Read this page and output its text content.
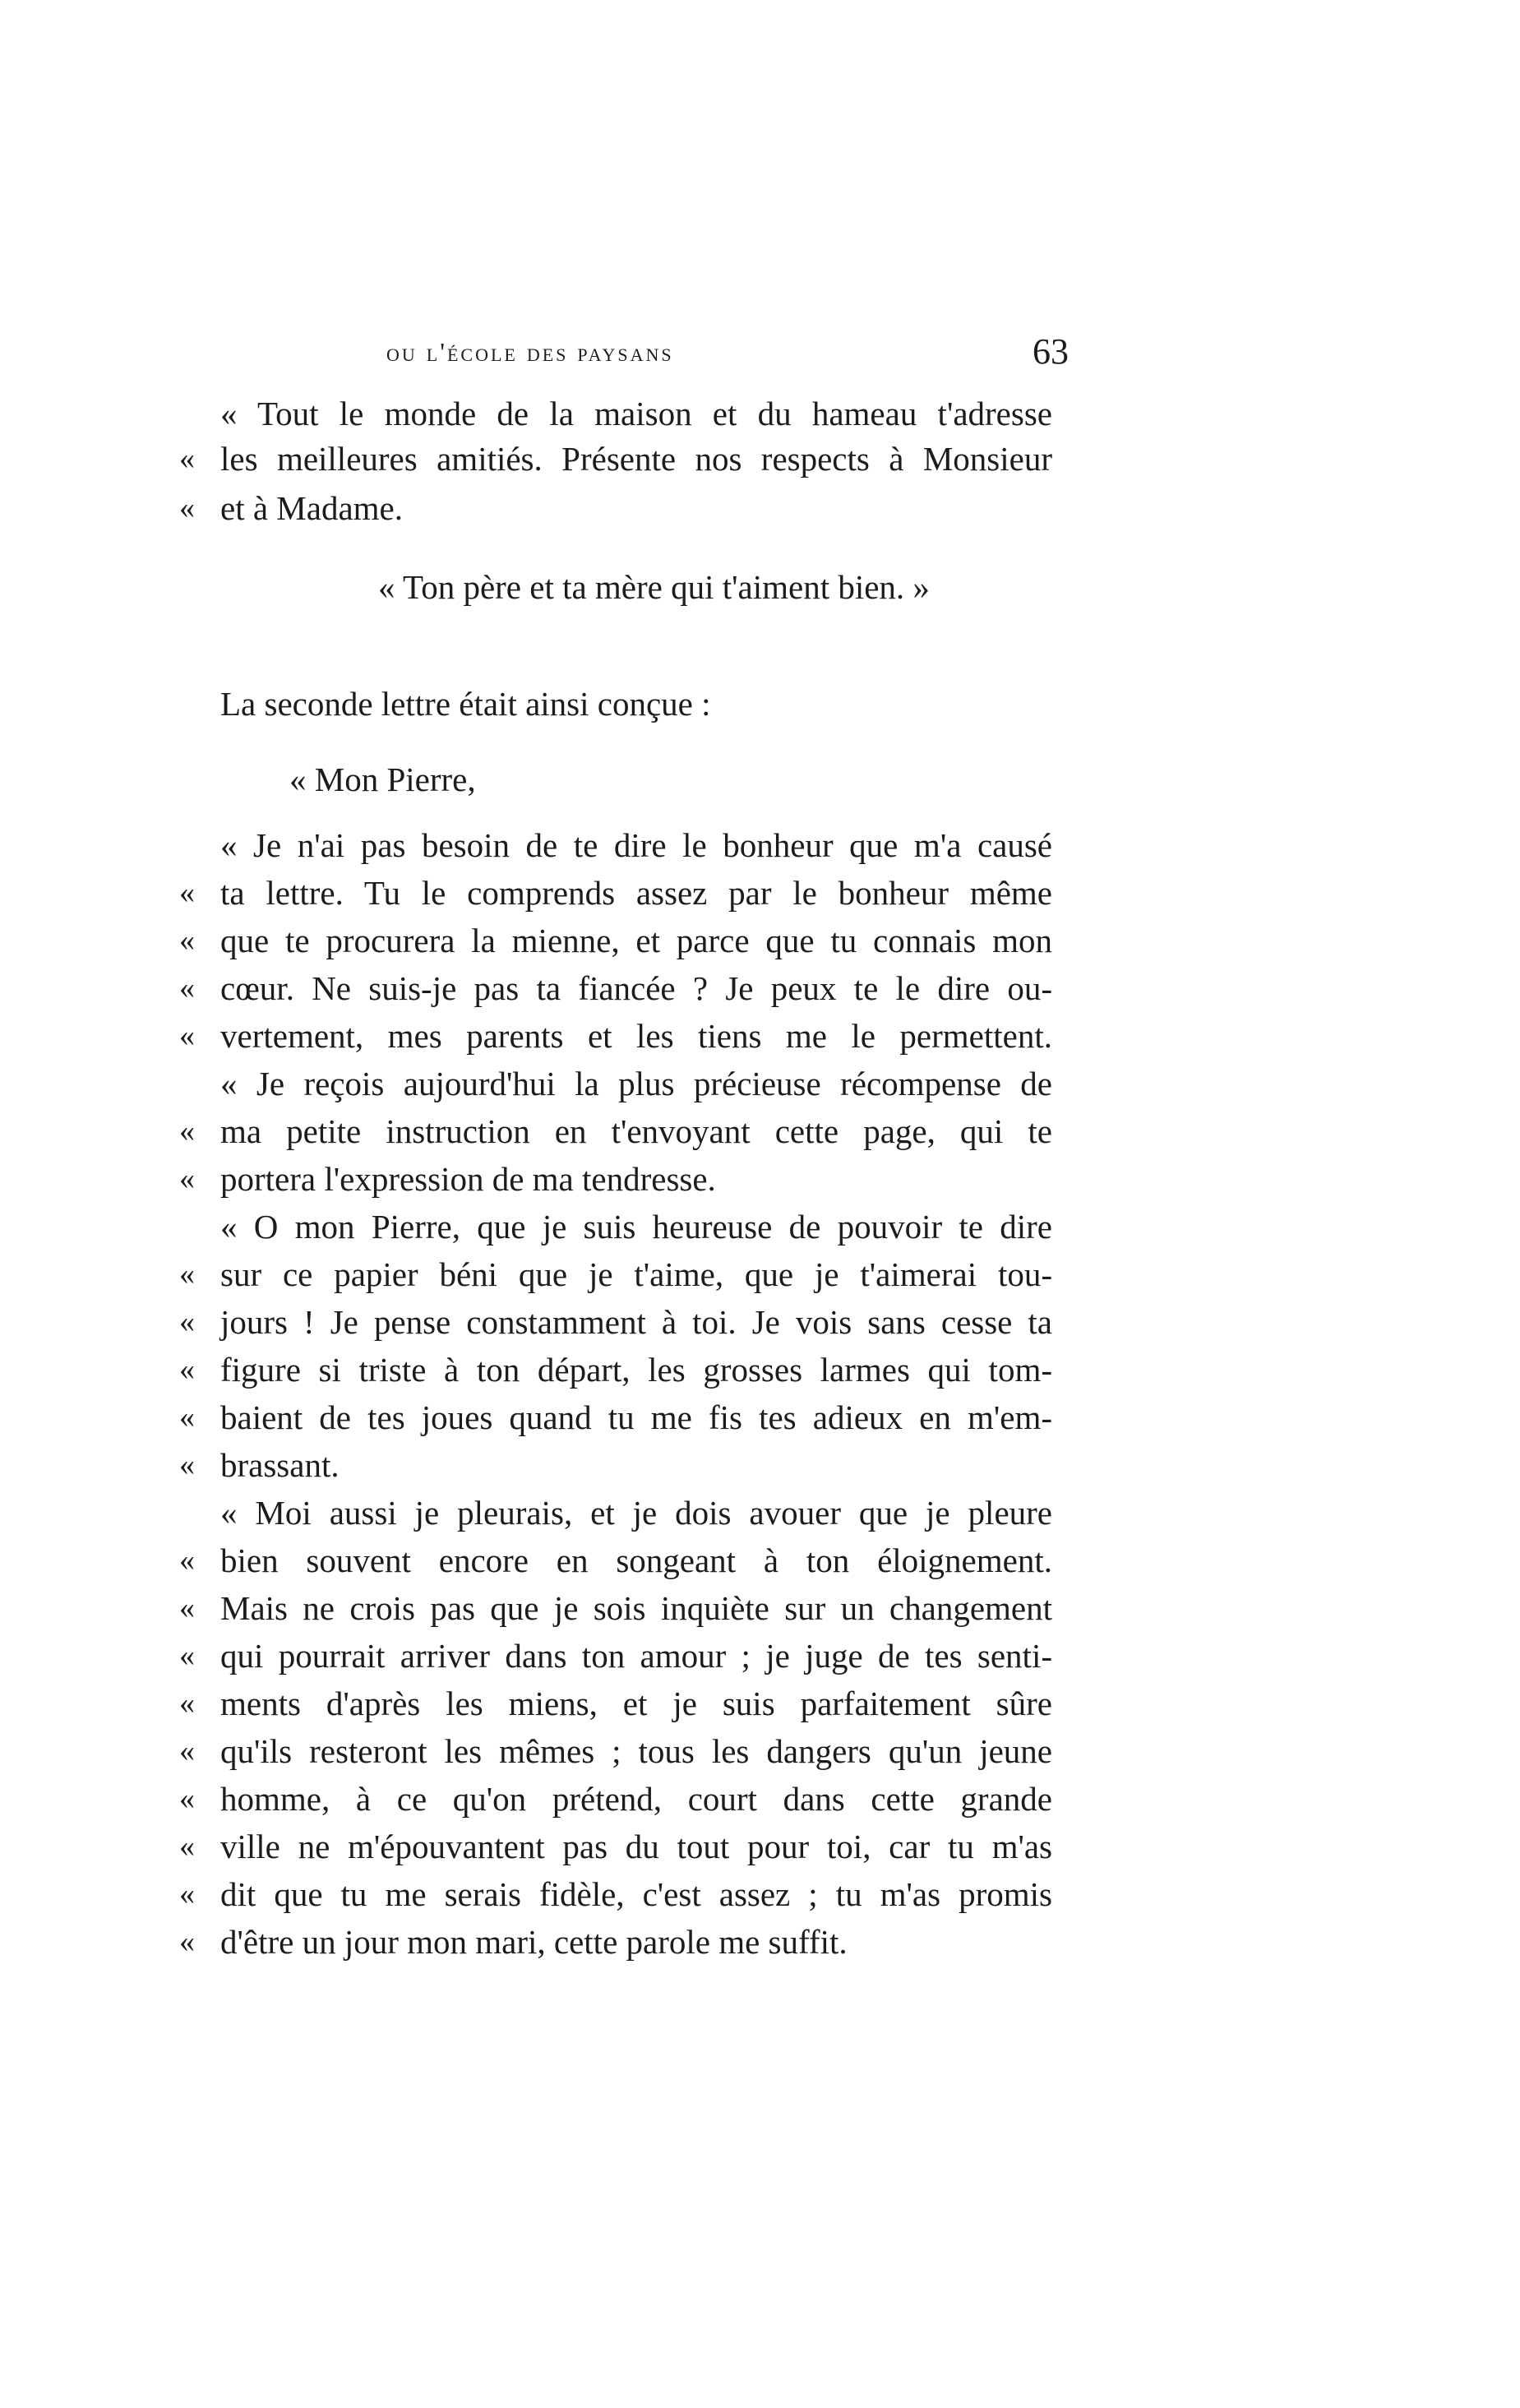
ou l'école des paysans	63
« Tout le monde de la maison et du hameau t'adresse
« les meilleures amitiés. Présente nos respects à Monsieur
« et à Madame.
« Ton père et ta mère qui t'aiment bien. »
La seconde lettre était ainsi conçue :
« Mon Pierre,
« Je n'ai pas besoin de te dire le bonheur que m'a causé
« ta lettre. Tu le comprends assez par le bonheur même
« que te procurera la mienne, et parce que tu connais mon
« cœur. Ne suis-je pas ta fiancée ? Je peux te le dire ou-
« vertement, mes parents et les tiens me le permettent.
« Je reçois aujourd'hui la plus précieuse récompense de
« ma petite instruction en t'envoyant cette page, qui te
« portera l'expression de ma tendresse.
« O mon Pierre, que je suis heureuse de pouvoir te dire
« sur ce papier béni que je t'aime, que je t'aimerai tou-
« jours ! Je pense constamment à toi. Je vois sans cesse ta
« figure si triste à ton départ, les grosses larmes qui tom-
« baient de tes joues quand tu me fis tes adieux en m'em-
« brassant.
« Moi aussi je pleurais, et je dois avouer que je pleure
« bien souvent encore en songeant à ton éloignement.
« Mais ne crois pas que je sois inquiète sur un changement
« qui pourrait arriver dans ton amour ; je juge de tes senti-
« ments d'après les miens, et je suis parfaitement sûre
« qu'ils resteront les mêmes ; tous les dangers qu'un jeune
« homme, à ce qu'on prétend, court dans cette grande
« ville ne m'épouvantent pas du tout pour toi, car tu m'as
« dit que tu me serais fidèle, c'est assez ; tu m'as promis
« d'être un jour mon mari, cette parole me suffit.
